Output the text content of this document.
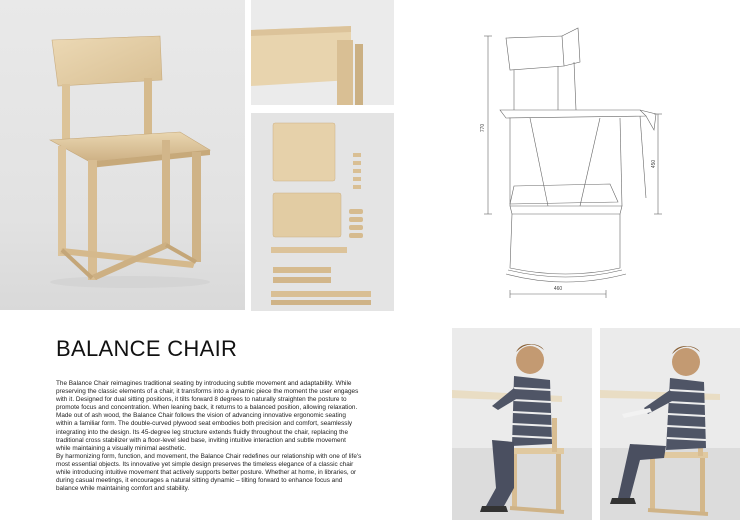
770
450
460
BALANCE CHAIR

The Balance Chair reimagines traditional seating by introducing subtle movement and adaptability. While preserving the classic elements of a chair, it transforms into a dynamic piece the moment the user engages with it. Designed for dual sitting positions, it tilts forward 8 degrees to naturally straighten the posture to promote focus and concentration. When leaning back, it returns to a balanced position, allowing relaxation.

Made out of ash wood, the Balance Chair follows the vision of advancing innovative ergonomic seating within a familiar form. The double-curved plywood seat embodies both precision and comfort, seamlessly integrating into the design. Its 45-degree leg structure extends fluidly throughout the chair, replacing the traditional cross stabilizer with a floor-level sled base, inviting intuitive interaction and subtle movement while maintaining a visually minimal aesthetic.

By harmonizing form, function, and movement, the Balance Chair redefines our relationship with one of life's most essential objects. Its innovative yet simple design preserves the timeless elegance of a classic chair while introducing intuitive movement that actively supports better posture. Whether at home, in libraries, or during casual meetings, it encourages a natural sitting dynamic – tilting forward to enhance focus and balance while maintaining comfort and stability.
